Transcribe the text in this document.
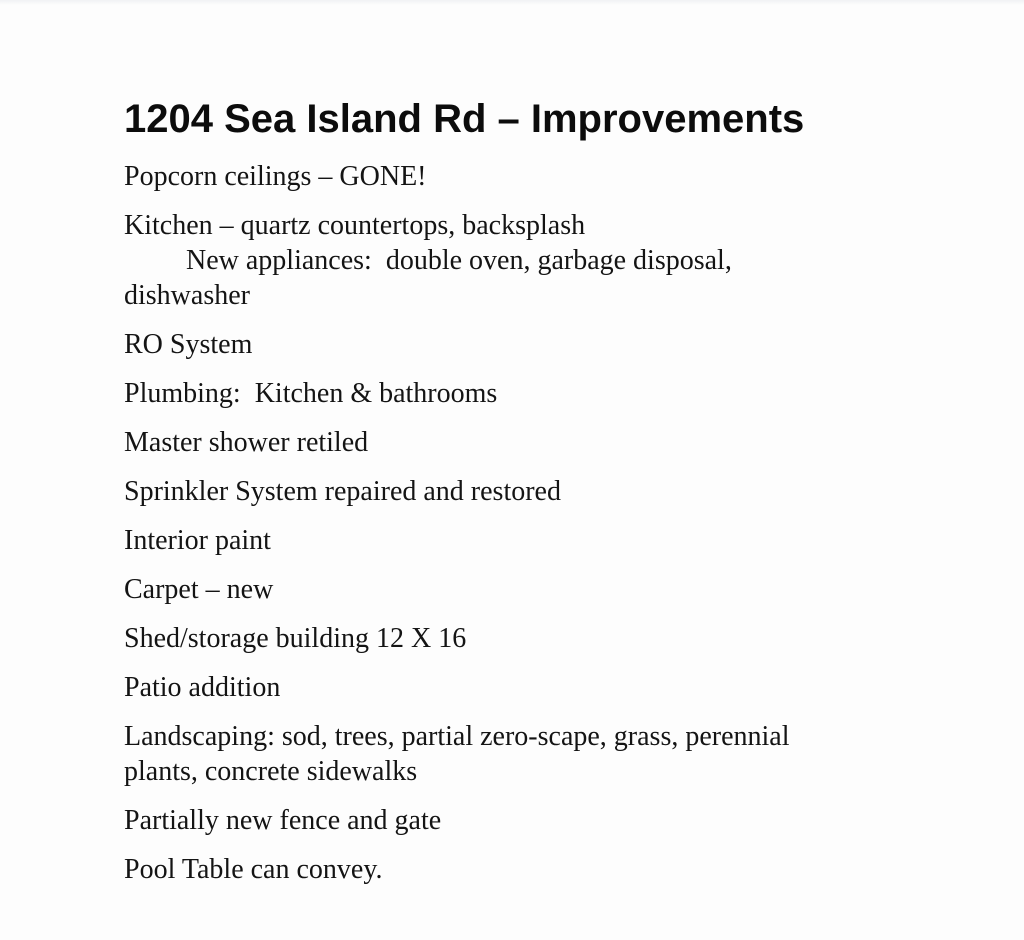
1204 Sea Island Rd – Improvements
Popcorn ceilings – GONE!
Kitchen – quartz countertops, backsplash
New appliances:  double oven, garbage disposal,
dishwasher
RO System
Plumbing:  Kitchen & bathrooms
Master shower retiled
Sprinkler System repaired and restored
Interior paint
Carpet – new
Shed/storage building 12 X 16
Patio addition
Landscaping: sod, trees, partial zero-scape, grass, perennial
plants, concrete sidewalks
Partially new fence and gate
Pool Table can convey.
